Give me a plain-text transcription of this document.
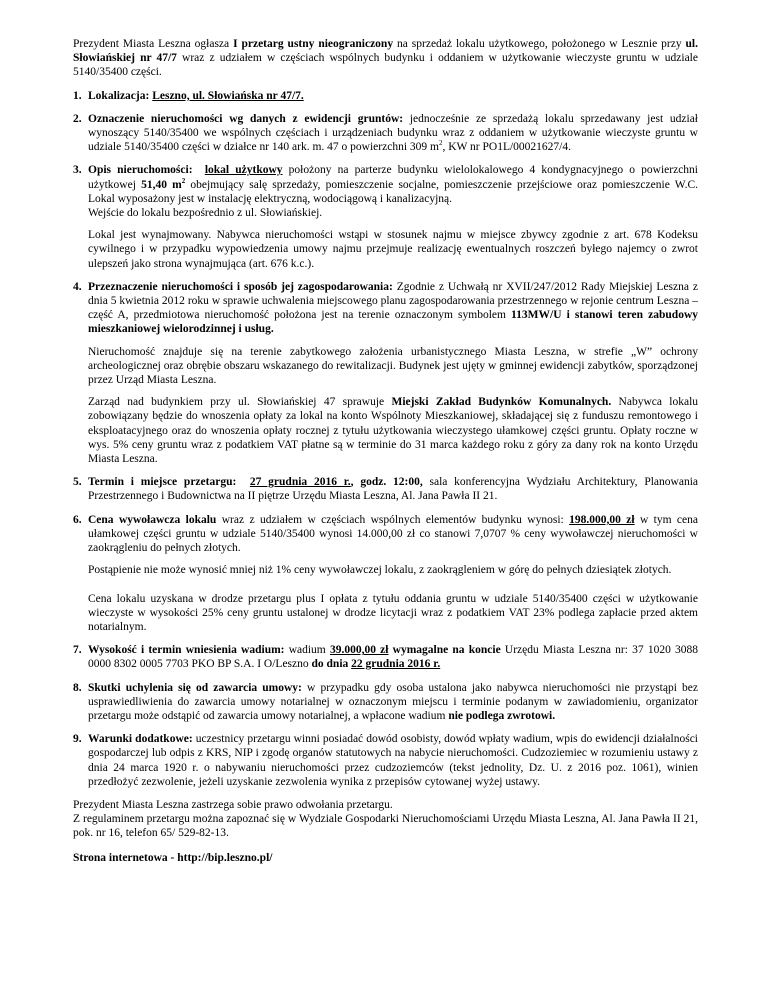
Prezydent Miasta Leszna ogłasza I przetarg ustny nieograniczony na sprzedaż lokalu użytkowego, położonego w Lesznie przy ul. Słowiańskiej nr 47/7 wraz z udziałem w częściach wspólnych budynku i oddaniem w użytkowanie wieczyste gruntu w udziale 5140/35400 części.

1. Lokalizacja: Leszno, ul. Słowiańska nr 47/7.

2. Oznaczenie nieruchomości wg danych z ewidencji gruntów: jednocześnie ze sprzedażą lokalu sprzedawany jest udział wynoszący 5140/35400 we wspólnych częściach i urządzeniach budynku wraz z oddaniem w użytkowanie wieczyste gruntu w udziale 5140/35400 części w działce nr 140 ark. m. 47 o powierzchni 309 $m^2$, KW nr PO1L/00021627/4.

3. Opis nieruchomości: lokal użytkowy położony na parterze budynku wielolokalowego 4 kondygnacyjnego o powierzchni użytkowej 51,40 $m^2$ obejmujący salę sprzedaży, pomieszczenie socjalne, pomieszczenie przejściowe oraz pomieszczenie W.C. Lokal wyposażony jest w instalację elektryczną, wodociągową i kanalizacyjną.
Wejście do lokalu bezpośrednio z ul. Słowiańskiej.

Lokal jest wynajmowany. Nabywca nieruchomości wstąpi w stosunek najmu w miejsce zbywcy zgodnie z art. 678 Kodeksu cywilnego i w przypadku wypowiedzenia umowy najmu przejmuje realizację ewentualnych roszczeń byłego najemcy o zwrot ulepszeń jako strona wynajmująca (art. 676 k.c.).

4. Przeznaczenie nieruchomości i sposób jej zagospodarowania: Zgodnie z Uchwałą nr XVII/247/2012 Rady Miejskiej Leszna z dnia 5 kwietnia 2012 roku w sprawie uchwalenia miejscowego planu zagospodarowania przestrzennego w rejonie centrum Leszna – część A, przedmiotowa nieruchomość położona jest na terenie oznaczonym symbolem 113MW/U i stanowi teren zabudowy mieszkaniowej wielorodzinnej i usług.

Nieruchomość znajduje się na terenie zabytkowego założenia urbanistycznego Miasta Leszna, w strefie „W” ochrony archeologicznej oraz obrębie obszaru wskazanego do rewitalizacji. Budynek jest ujęty w gminnej ewidencji zabytków, sporządzonej przez Urząd Miasta Leszna.

Zarząd nad budynkiem przy ul. Słowiańskiej 47 sprawuje Miejski Zakład Budynków Komunalnych. Nabywca lokalu zobowiązany będzie do wnoszenia opłaty za lokal na konto Wspólnoty Mieszkaniowej, składającej się z funduszu remontowego i eksploatacyjnego oraz do wnoszenia opłaty rocznej z tytułu użytkowania wieczystego ułamkowej części gruntu. Opłaty roczne w wys. 5% ceny gruntu wraz z podatkiem VAT płatne są w terminie do 31 marca każdego roku z góry za dany rok na konto Urzędu Miasta Leszna.

5. Termin i miejsce przetargu: 27 grudnia 2016 r., godz. 12:00, sala konferencyjna Wydziału Architektury, Planowania Przestrzennego i Budownictwa na II piętrze Urzędu Miasta Leszna, Al. Jana Pawła II 21.

6. Cena wywoławcza lokalu wraz z udziałem w częściach wspólnych elementów budynku wynosi: 198.000,00 zł w tym cena ułamkowej części gruntu w udziale 5140/35400 wynosi 14.000,00 zł co stanowi 7,0707 % ceny wywoławczej nieruchomości w zaokrągleniu do pełnych złotych.

Postąpienie nie może wynosić mniej niż 1% ceny wywoławczej lokalu, z zaokrągleniem w górę do pełnych dziesiątek złotych.

Cena lokalu uzyskana w drodze przetargu plus I opłata z tytułu oddania gruntu w udziale 5140/35400 części w użytkowanie wieczyste w wysokości 25% ceny gruntu ustalonej w drodze licytacji wraz z podatkiem VAT 23% podlega zapłacie przed aktem notarialnym.

7. Wysokość i termin wniesienia wadium: wadium 39.000,00 zł wymagalne na koncie Urzędu Miasta Leszna nr: 37 1020 3088 0000 8302 0005 7703 PKO BP S.A. I O/Leszno do dnia 22 grudnia 2016 r.

8. Skutki uchylenia się od zawarcia umowy: w przypadku gdy osoba ustalona jako nabywca nieruchomości nie przystąpi bez usprawiedliwienia do zawarcia umowy notarialnej w oznaczonym miejscu i terminie podanym w zawiadomieniu, organizator przetargu może odstąpić od zawarcia umowy notarialnej, a wpłacone wadium nie podlega zwrotowi.

9. Warunki dodatkowe: uczestnicy przetargu winni posiadać dowód osobisty, dowód wpłaty wadium, wpis do ewidencji działalności gospodarczej lub odpis z KRS, NIP i zgodę organów statutowych na nabycie nieruchomości. Cudzoziemiec w rozumieniu ustawy z dnia 24 marca 1920 r. o nabywaniu nieruchomości przez cudzoziemców (tekst jednolity, Dz. U. z 2016 poz. 1061), winien przedłożyć zezwolenie, jeżeli uzyskanie zezwolenia wynika z przepisów cytowanej wyżej ustawy.

Prezydent Miasta Leszna zastrzega sobie prawo odwołania przetargu.
Z regulaminem przetargu można zapoznać się w Wydziale Gospodarki Nieruchomościami Urzędu Miasta Leszna, Al. Jana Pawła II 21, pok. nr 16, telefon 65/ 529-82-13.

Strona internetowa - http://bip.leszno.pl/
